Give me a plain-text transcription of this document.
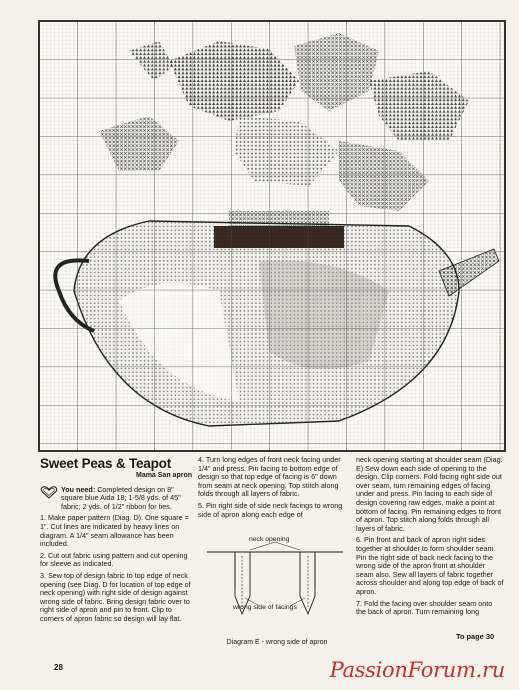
Sweet Peas & Teapot
Mama San apron

You need: Completed design on 8" square blue Aida 18; 1-5/8 yds. of 45" fabric; 2 yds. of 1/2" ribbon for ties.

1. Make paper pattern (Diag. D). One square = 1". Cut lines are indicated by heavy lines on diagram. A 1/4" seam allowance has been included.

2. Cut out fabric using pattern and cut opening for sleeve as indicated.

3. Sew top of design fabric to top edge of neck opening (see Diag. D for location of top edge of neck opening) with right side of design against wrong side of fabric. Bring design fabric over to right side of apron and pin to front. Clip to corners of apron fabric so design will lay flat.

4. Turn long edges of front neck facing under 1/4" and press. Pin facing to bottom edge of design so that top edge of facing is 6" down from seam at neck opening. Top stitch along folds through all layers of fabric.

5. Pin right side of side neck facings to wrong side of apron along each edge of

neck opening
wrong side of facings
Diagram E - wrong side of apron

neck opening starting at shoulder seam (Diag. E) Sew down each side of opening to the design. Clip corners. Fold facing right side out over seam, turn remaining edges of facing under and press. Pin facing to each side of design covering raw edges, make a point at bottom of facing. Pin remaining edges to front of apron. Top stitch along folds through all layers of fabric.

6. Pin front and back of apron right sides together at shoulder to form shoulder seam. Pin the right side of back neck facing to the wrong side of the apron front at shoulder seam also. Sew all layers of fabric together across shoulder and along top edge of back of apron.

7. Fold the facing over shoulder seam onto the back of apron. Turn remaining long

To page 30
28	PassionForum.ru
